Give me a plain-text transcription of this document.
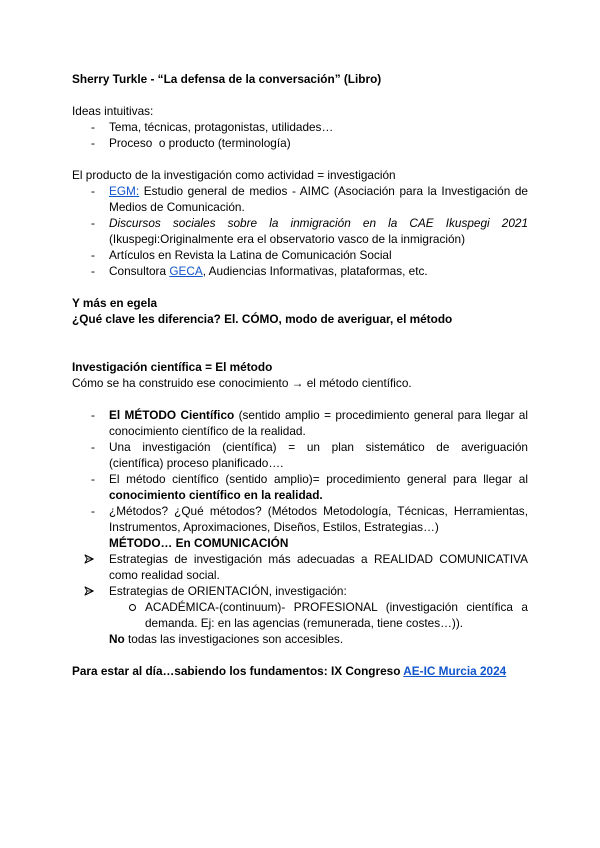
Sherry Turkle - “La defensa de la conversación” (Libro)
Ideas intuitivas:
- Tema, técnicas, protagonistas, utilidades…
- Proceso  o producto (terminología)
El producto de la investigación como actividad = investigación
- EGM: Estudio general de medios - AIMC (Asociación para la Investigación de
Medios de Comunicación.
- Discursos sociales sobre la inmigración en la CAE Ikuspegi 2021
(Ikuspegi:Originalmente era el observatorio vasco de la inmigración)
- Artículos en Revista la Latina de Comunicación Social
- Consultora GECA, Audiencias Informativas, plataformas, etc.
Y más en egela
¿Qué clave les diferencia? El. CÓMO, modo de averiguar, el método
Investigación científica = El método
Cómo se ha construido ese conocimiento → el método científico.
- El MÉTODO Científico (sentido amplio = procedimiento general para llegar al
conocimiento científico de la realidad.
- Una investigación (científica) = un plan sistemático de averiguación
(científica) proceso planificado….
- El método científico (sentido amplio)= procedimiento general para llegar al
conocimiento científico en la realidad.
- ¿Métodos? ¿Qué métodos? (Métodos Metodología, Técnicas, Herramientas,
Instrumentos, Aproximaciones, Diseños, Estilos, Estrategias…)
MÉTODO… En COMUNICACIÓN
Estrategias de investigación más adecuadas a REALIDAD COMUNICATIVA
como realidad social.
Estrategias de ORIENTACIÓN, investigación:
ACADÉMICA-(continuum)- PROFESIONAL (investigación científica a
demanda. Ej: en las agencias (remunerada, tiene costes…)).
No todas las investigaciones son accesibles.
Para estar al día…sabiendo los fundamentos: IX Congreso AE-IC Murcia 2024
